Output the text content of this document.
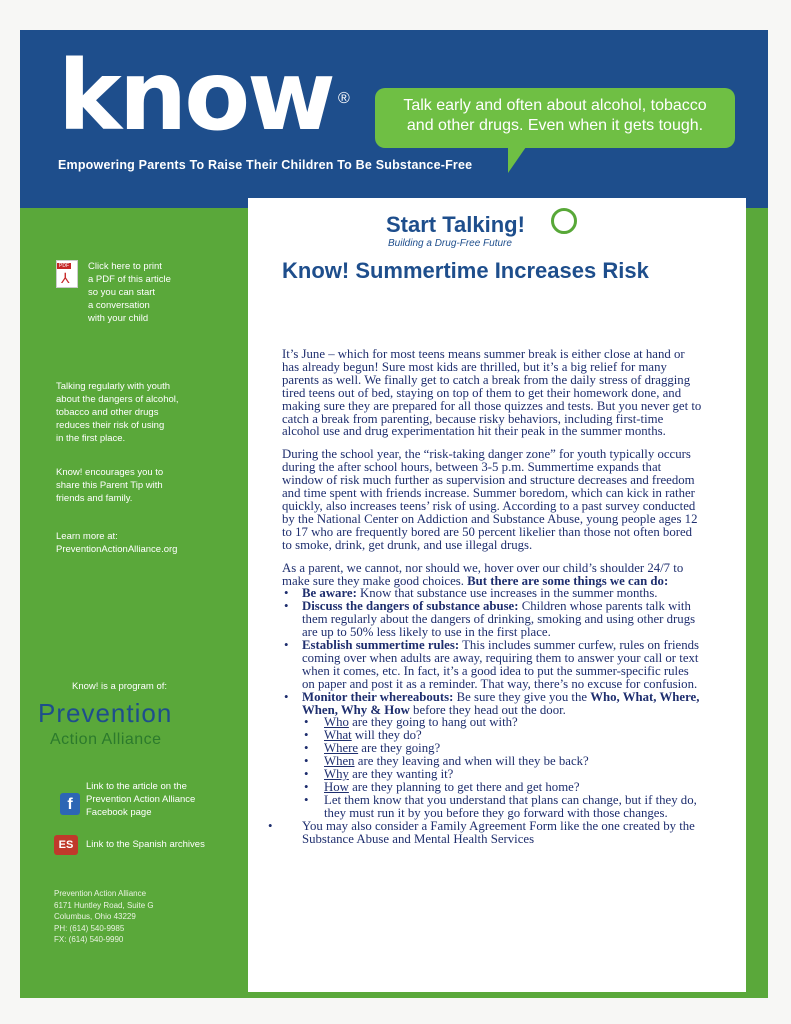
know ®
Empowering Parents To Raise Their Children To Be Substance-Free
Talk early and often about alcohol, tobacco
and other drugs. Even when it gets tough.
PDF
⅄
Click here to print
a PDF of this article
so you can start
a conversation
with your child
Talking regularly with youth
about the dangers of alcohol,
tobacco and other drugs
reduces their risk of using
in the first place.
Know! encourages you to
share this Parent Tip with
friends and family.
Learn more at:
PreventionActionAlliance.org
Know! is a program of:
Prevention
Action Alliance
f
Link to the article on the
Prevention Action Alliance
Facebook page
ES	Link to the Spanish archives
Prevention Action Alliance
6171 Huntley Road, Suite G
Columbus, Ohio 43229
PH: (614) 540-9985
FX: (614) 540-9990
Start Talking!
Building a Drug-Free Future
Know! Summertime Increases Risk

It’s June – which for most teens means summer break is either close at hand or has already begun! Sure most kids are thrilled, but it’s a big relief for many parents as well. We finally get to catch a break from the daily stress of dragging tired teens out of bed, staying on top of them to get their homework done, and making sure they are prepared for all those quizzes and tests. But you never get to catch a break from parenting, because risky behaviors, including first-time alcohol use and drug experimentation hit their peak in the summer months.

During the school year, the “risk-taking danger zone” for youth typically occurs during the after school hours, between 3-5 p.m. Summertime expands that window of risk much further as supervision and structure decreases and freedom and time spent with friends increase. Summer boredom, which can kick in rather quickly, also increases teens’ risk of using. According to a past survey conducted by the National Center on Addiction and Substance Abuse, young people ages 12 to 17 who are frequently bored are 50 percent likelier than those not often bored to smoke, drink, get drunk, and use illegal drugs.

As a parent, we cannot, nor should we, hover over our child’s shoulder 24/7 to make sure they make good choices. But there are some things we can do:

• Be aware: Know that substance use increases in the summer months.
• Discuss the dangers of substance abuse: Children whose parents talk with them regularly about the dangers of drinking, smoking and using other drugs are up to 50% less likely to use in the first place.
• Establish summertime rules: This includes summer curfew, rules on friends coming over when adults are away, requiring them to answer your call or text when it comes, etc. In fact, it’s a good idea to put the summer-specific rules on paper and post it as a reminder. That way, there’s no excuse for confusion.
• Monitor their whereabouts: Be sure they give you the Who, What, Where, When, Why & How before they head out the door.
• Who are they going to hang out with?
• What will they do?
• Where are they going?
• When are they leaving and when will they be back?
• Why are they wanting it?
• How are they planning to get there and get home?
• Let them know that you understand that plans can change, but if they do, they must run it by you before they go forward with those changes.
• You may also consider a Family Agreement Form like the one created by the Substance Abuse and Mental Health Services
